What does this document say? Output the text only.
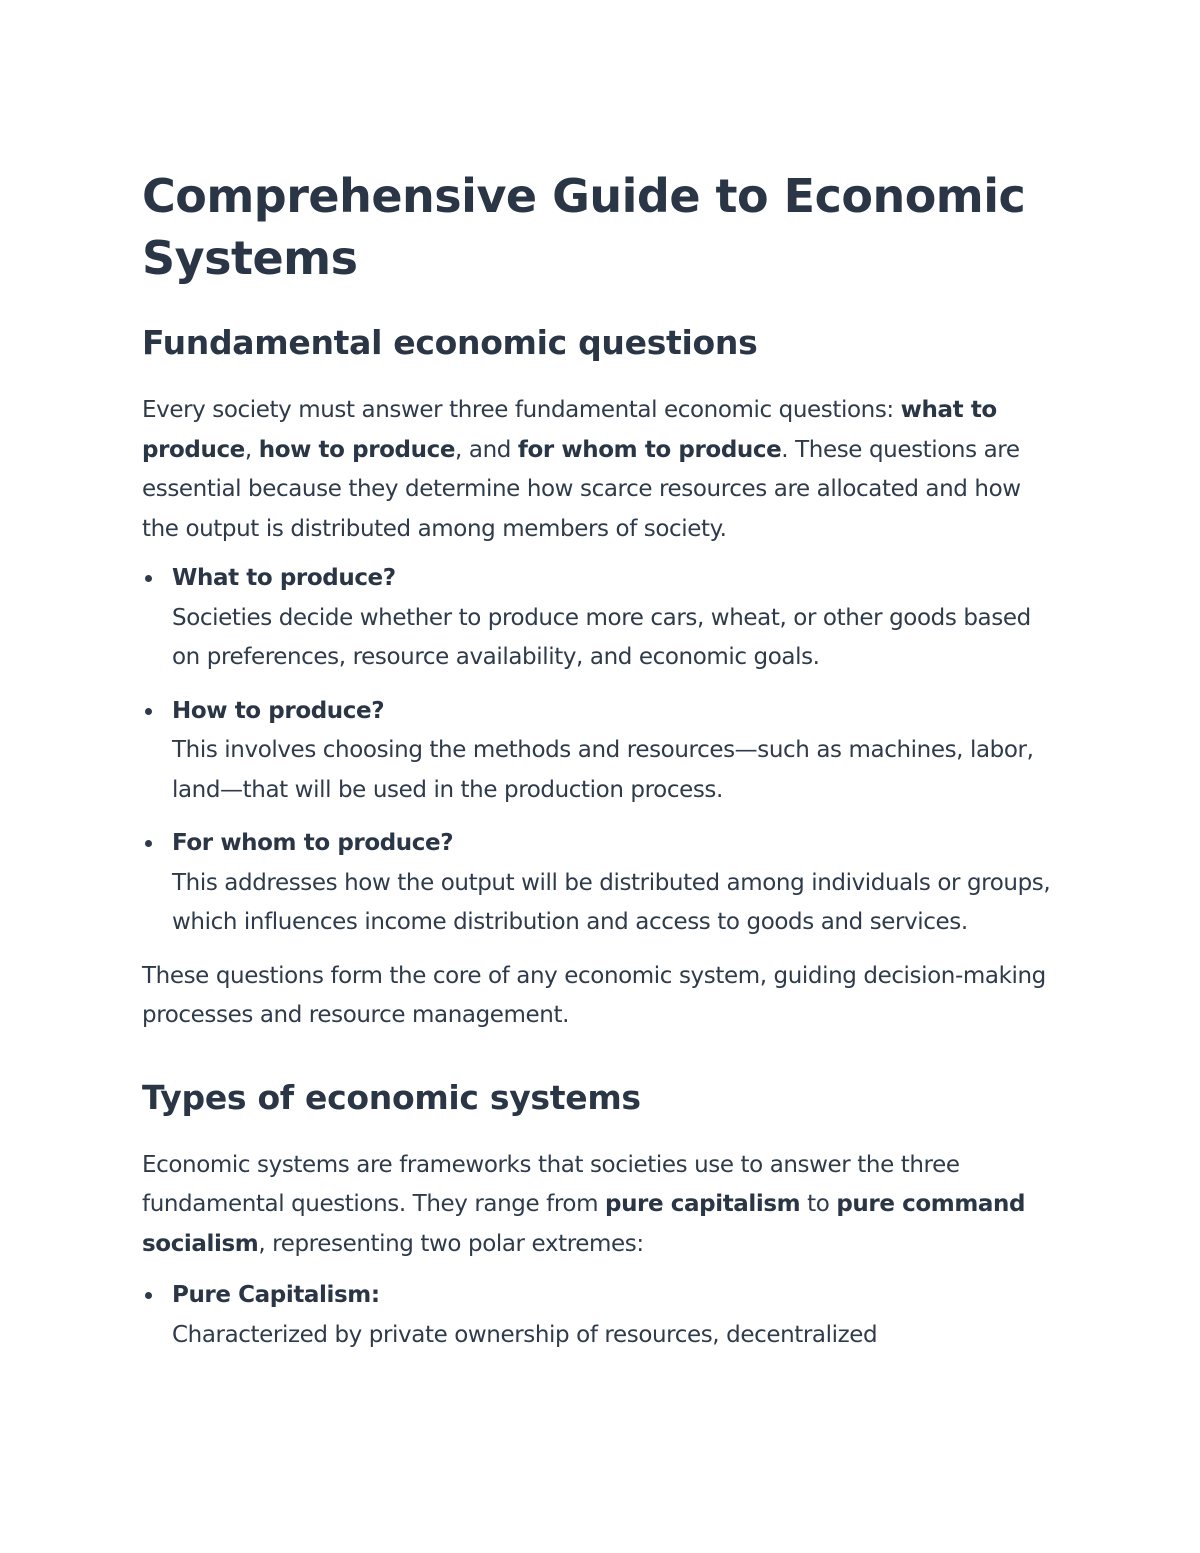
Comprehensive Guide to Economic Systems
Fundamental economic questions

Every society must answer three fundamental economic questions: what to produce, how to produce, and for whom to produce. These questions are essential because they determine how scarce resources are allocated and how the output is distributed among members of society.

What to produce?
Societies decide whether to produce more cars, wheat, or other goods based on preferences, resource availability, and economic goals.
How to produce?
This involves choosing the methods and resources—such as machines, labor, land—that will be used in the production process.
For whom to produce?
This addresses how the output will be distributed among individuals or groups, which influences income distribution and access to goods and services.

These questions form the core of any economic system, guiding decision-making processes and resource management.

Types of economic systems

Economic systems are frameworks that societies use to answer the three fundamental questions. They range from pure capitalism to pure command socialism, representing two polar extremes:

Pure Capitalism:
Characterized by private ownership of resources, decentralized
